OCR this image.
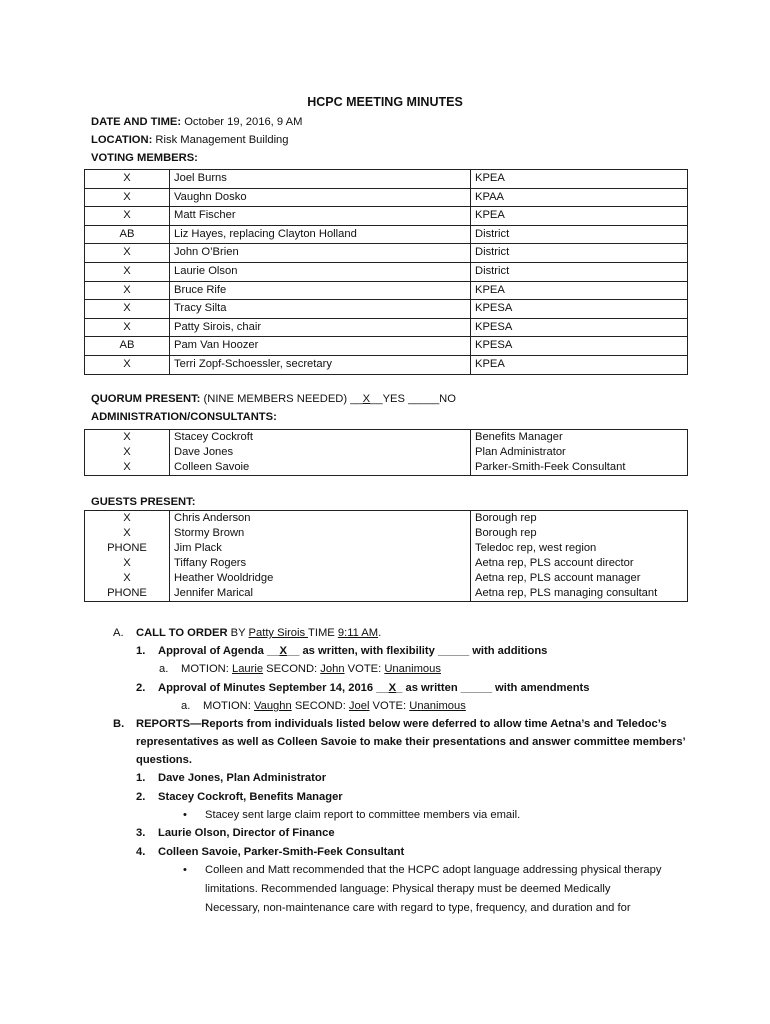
HCPC MEETING MINUTES
DATE AND TIME: October 19, 2016, 9 AM
LOCATION: Risk Management Building
VOTING MEMBERS:
X	Joel Burns	KPEA
X	Vaughn Dosko	KPAA
X	Matt Fischer	KPEA
AB	Liz Hayes, replacing Clayton Holland	District
X	John O’Brien	District
X	Laurie Olson	District
X	Bruce Rife	KPEA
X	Tracy Silta	KPESA
X	Patty Sirois, chair	KPESA
AB	Pam Van Hoozer	KPESA
X	Terri Zopf-Schoessler, secretary	KPEA
QUORUM PRESENT: (NINE MEMBERS NEEDED) __X__YES _____NO
ADMINISTRATION/CONSULTANTS:
X	Stacey Cockroft	Benefits Manager
X	Dave Jones	Plan Administrator
X	Colleen Savoie	Parker-Smith-Feek Consultant
GUESTS PRESENT:
X	Chris Anderson	Borough rep
X	Stormy Brown	Borough rep
PHONE	Jim Plack	Teledoc rep, west region
X	Tiffany Rogers	Aetna rep, PLS account director
X	Heather Wooldridge	Aetna rep, PLS account manager
PHONE	Jennifer Marical	Aetna rep, PLS managing consultant
A. CALL TO ORDER BY Patty Sirois TIME 9:11 AM.
1. Approval of Agenda __X__ as written, with flexibility _____ with additions
a. MOTION: Laurie SECOND: John VOTE: Unanimous
2. Approval of Minutes September 14, 2016 __X_ as written _____ with amendments
a. MOTION: Vaughn SECOND: Joel VOTE: Unanimous
B. REPORTS—Reports from individuals listed below were deferred to allow time Aetna’s and Teledoc’s
representatives as well as Colleen Savoie to make their presentations and answer committee members’
questions.
1. Dave Jones, Plan Administrator
2. Stacey Cockroft, Benefits Manager
• Stacey sent large claim report to committee members via email.
3. Laurie Olson, Director of Finance
4. Colleen Savoie, Parker-Smith-Feek Consultant
• Colleen and Matt recommended that the HCPC adopt language addressing physical therapy
limitations. Recommended language: Physical therapy must be deemed Medically
Necessary, non-maintenance care with regard to type, frequency, and duration and for
